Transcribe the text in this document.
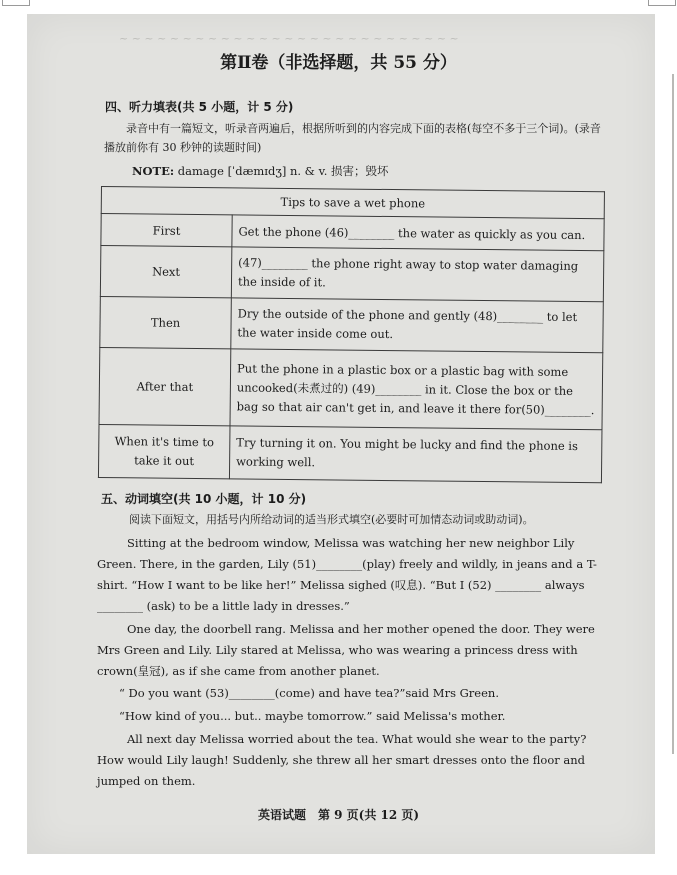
~ ~ ~ ~ ~ ~ ~ ~ ~ ~ ~ ~ ~ ~ ~ ~ ~ ~ ~ ~ ~ ~ ~ ~ ~ ~ ~
第Ⅱ卷（非选择题，共 55 分）
四、听力填表(共 5 小题，计 5 分)
录音中有一篇短文，听录音两遍后，根据所听到的内容完成下面的表格(每空不多于三个词)。(录音播放前你有 30 秒钟的读题时间)
NOTE: damage [ˈdæmɪdʒ] n. & v. 损害；毁坏
Tips to save a wet phone	
First	Get the phone (46)________ the water as quickly as you can.
Next	(47)________ the phone right away to stop water damaging the inside of it.
Then	Dry the outside of the phone and gently (48)________ to let the water inside come out.
After that	Put the phone in a plastic box or a plastic bag with some uncooked(未煮过的) (49)________ in it. Close the box or the bag so that air can't get in, and leave it there for(50)________.
When it's time to take it out	Try turning it on. You might be lucky and find the phone is working well.
五、动词填空(共 10 小题，计 10 分)
阅读下面短文，用括号内所给动词的适当形式填空(必要时可加情态动词或助动词)。
Sitting at the bedroom window, Melissa was watching her new neighbor Lily Green. There, in the garden, Lily (51)________(play) freely and wildly, in jeans and a T-shirt. “How I want to be like her!” Melissa sighed (叹息). “But I (52) ________ always ________ (ask) to be a little lady in dresses.”
One day, the doorbell rang. Melissa and her mother opened the door. They were Mrs Green and Lily. Lily stared at Melissa, who was wearing a princess dress with crown(皇冠), as if she came from another planet.
“ Do you want (53)________(come) and have tea?”said Mrs Green.
“How kind of you... but.. maybe tomorrow.” said Melissa's mother.
All next day Melissa worried about the tea. What would she wear to the party? How would Lily laugh! Suddenly, she threw all her smart dresses onto the floor and jumped on them.
英语试题　第 9 页(共 12 页)
